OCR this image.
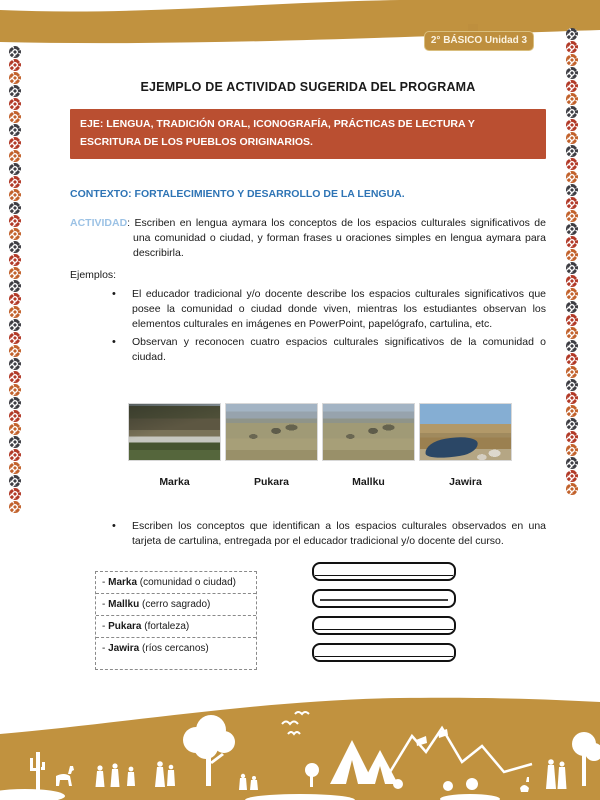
2° BÁSICO Unidad 3
EJEMPLO DE ACTIVIDAD SUGERIDA DEL PROGRAMA
EJE: LENGUA, TRADICIÓN ORAL, ICONOGRAFÍA, PRÁCTICAS DE LECTURA Y ESCRITURA DE LOS PUEBLOS ORIGINARIOS.
CONTEXTO: FORTALECIMIENTO Y DESARROLLO DE LA LENGUA.

ACTIVIDAD: Escriben en lengua aymara los conceptos de los espacios culturales significativos de una comunidad o ciudad, y forman frases u oraciones simples en lengua aymara para describirla.

Ejemplos:
• El educador tradicional y/o docente describe los espacios culturales significativos que posee la comunidad o ciudad donde viven, mientras los estudiantes observan los elementos culturales en imágenes en PowerPoint, papelógrafo, cartulina, etc.
• Observan y reconocen cuatro espacios culturales significativos de la comunidad o ciudad.
Marka	Pukara	Mallku	Jawira
• Escriben los conceptos que identifican a los espacios culturales observados en una tarjeta de cartulina, entregada por el educador tradicional y/o docente del curso.
- Marka (comunidad o ciudad)
- Mallku (cerro sagrado)
- Pukara (fortaleza)
- Jawira (ríos cercanos)
